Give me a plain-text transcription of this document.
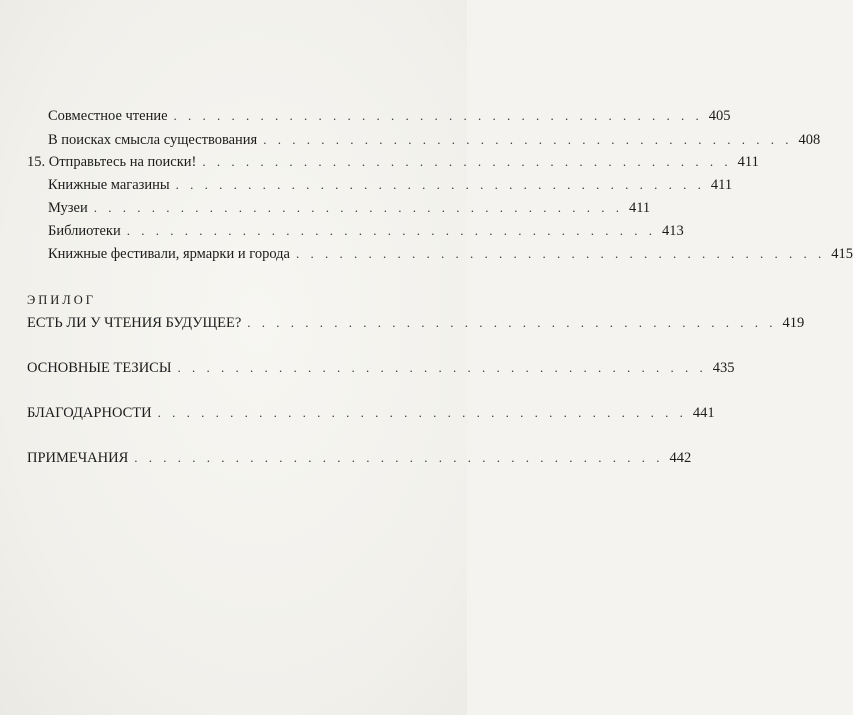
Совместное чтение . . . . . . . . . . . . . . . . . . . . . . . . . . . . . . . . . . . . . 405
В поисках смысла существования . . . . . . . . . . . . . . . . . . . . . . . . . . . . . . . . . . . . . 408
15. Отправьтесь на поиски! . . . . . . . . . . . . . . . . . . . . . . . . . . . . . . . . . . . . . 411
Книжные магазины . . . . . . . . . . . . . . . . . . . . . . . . . . . . . . . . . . . . . 411
Музеи . . . . . . . . . . . . . . . . . . . . . . . . . . . . . . . . . . . . . 411
Библиотеки . . . . . . . . . . . . . . . . . . . . . . . . . . . . . . . . . . . . . 413
Книжные фестивали, ярмарки и города . . . . . . . . . . . . . . . . . . . . . . . . . . . . . . . . . . . . . 415
ЭПИЛОГ
ЕСТЬ ЛИ У ЧТЕНИЯ БУДУЩЕЕ? . . . . . . . . . . . . . . . . . . . . . . . . . . . . . . . . . . . . . 419
ОСНОВНЫЕ ТЕЗИСЫ . . . . . . . . . . . . . . . . . . . . . . . . . . . . . . . . . . . . . 435
БЛАГОДАРНОСТИ . . . . . . . . . . . . . . . . . . . . . . . . . . . . . . . . . . . . . 441
ПРИМЕЧАНИЯ . . . . . . . . . . . . . . . . . . . . . . . . . . . . . . . . . . . . . 442
